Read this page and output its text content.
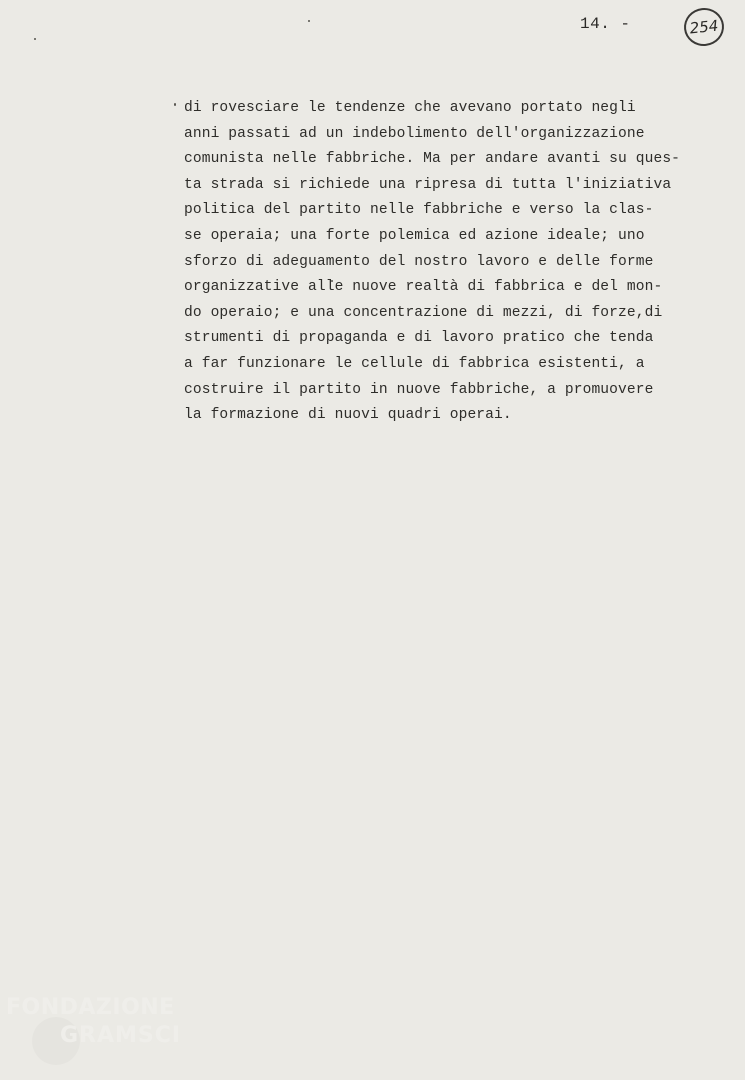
14. -	254
di rovesciare le tendenze che avevano portato negli
anni passati ad un indebolimento dell'organizzazione
comunista nelle fabbriche. Ma per andare avanti su ques-
ta strada si richiede una ripresa di tutta l'iniziativa
politica del partito nelle fabbriche e verso la clas-
se operaia; una forte polemica ed azione ideale; uno
sforzo di adeguamento del nostro lavoro e delle forme
organizzative alle nuove realtà di fabbrica e del mon-
do operaio; e una concentrazione di mezzi, di forze,di
strumenti di propaganda e di lavoro pratico che tenda
a far funzionare le cellule di fabbrica esistenti, a
costruire il partito in nuove fabbriche, a promuovere
la formazione di nuovi quadri operai.
FONDAZIONE
GRAMSCI
